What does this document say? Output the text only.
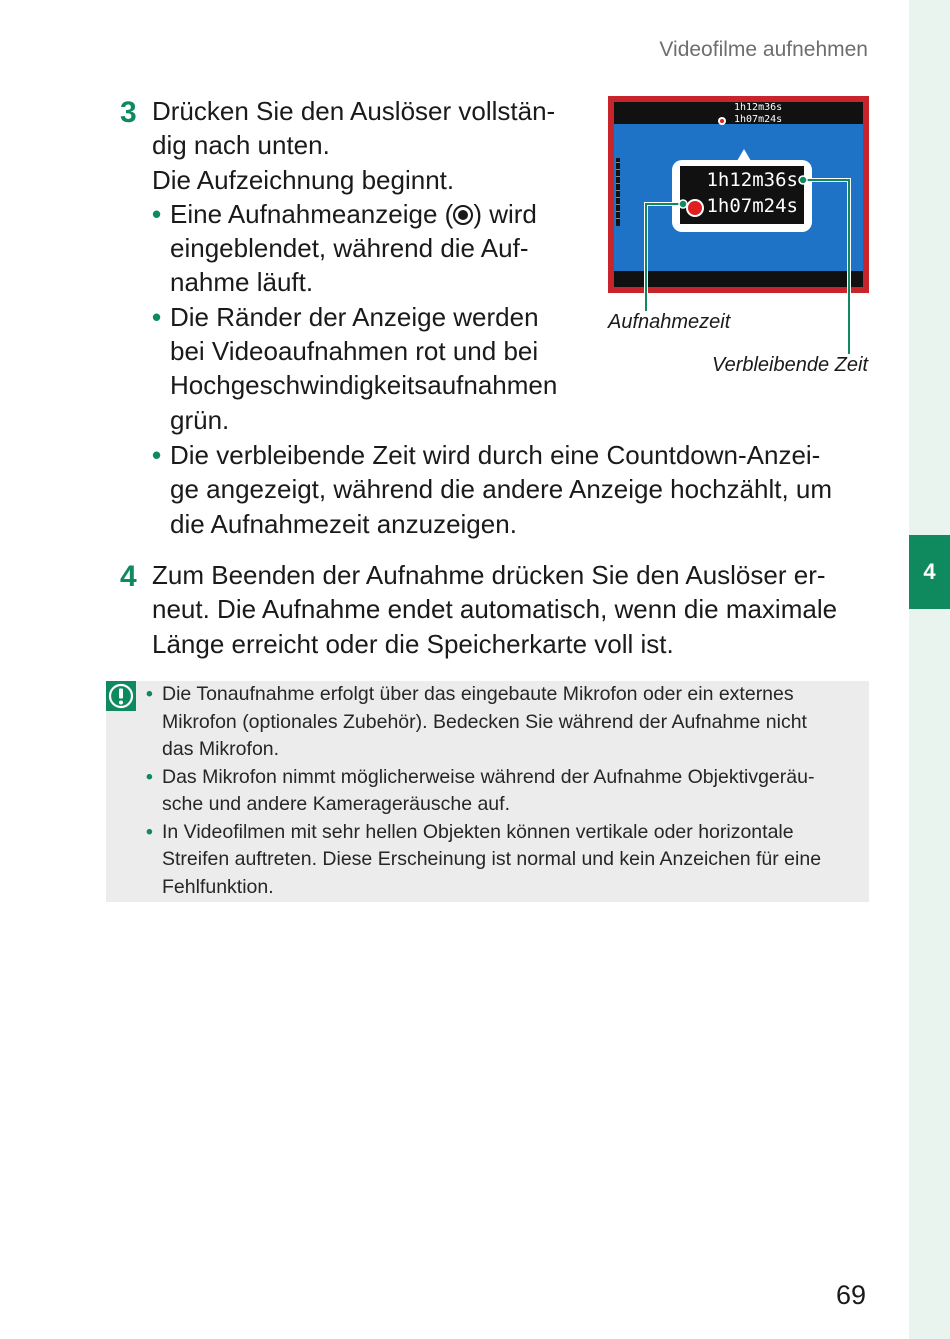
4
Videofilme aufnehmen
3 Drücken Sie den Auslöser vollstän-

dig nach unten.

Die Aufzeichnung beginnt.

• Eine Aufnahmeanzeige ( ) wird

eingeblendet, während die Auf-

nahme läuft.

• Die Ränder der Anzeige werden

bei Videoaufnahmen rot und bei

Hochgeschwindigkeitsaufnahmen

grün.

• Die verbleibende Zeit wird durch eine Countdown-Anzei-

ge angezeigt, während die andere Anzeige hochzählt, um

die Aufnahmezeit anzuzeigen.

1h12m36s
1h07m24s
1h12m36s
1h07m24s
Aufnahmezeit
Verbleibende Zeit
4 Zum Beenden der Aufnahme drücken Sie den Auslöser er-

neut. Die Aufnahme endet automatisch, wenn die maximale

Länge erreicht oder die Speicherkarte voll ist.

• Die Tonaufnahme erfolgt über das eingebaute Mikrofon oder ein externes
Mikrofon (optionales Zubehör). Bedecken Sie während der Aufnahme nicht
das Mikrofon.

• Das Mikrofon nimmt möglicherweise während der Aufnahme Objektivgeräu-
sche und andere Kamerageräusche auf.

• In Videofilmen mit sehr hellen Objekten können vertikale oder horizontale
Streifen auftreten. Diese Erscheinung ist normal und kein Anzeichen für eine
Fehlfunktion.

69
